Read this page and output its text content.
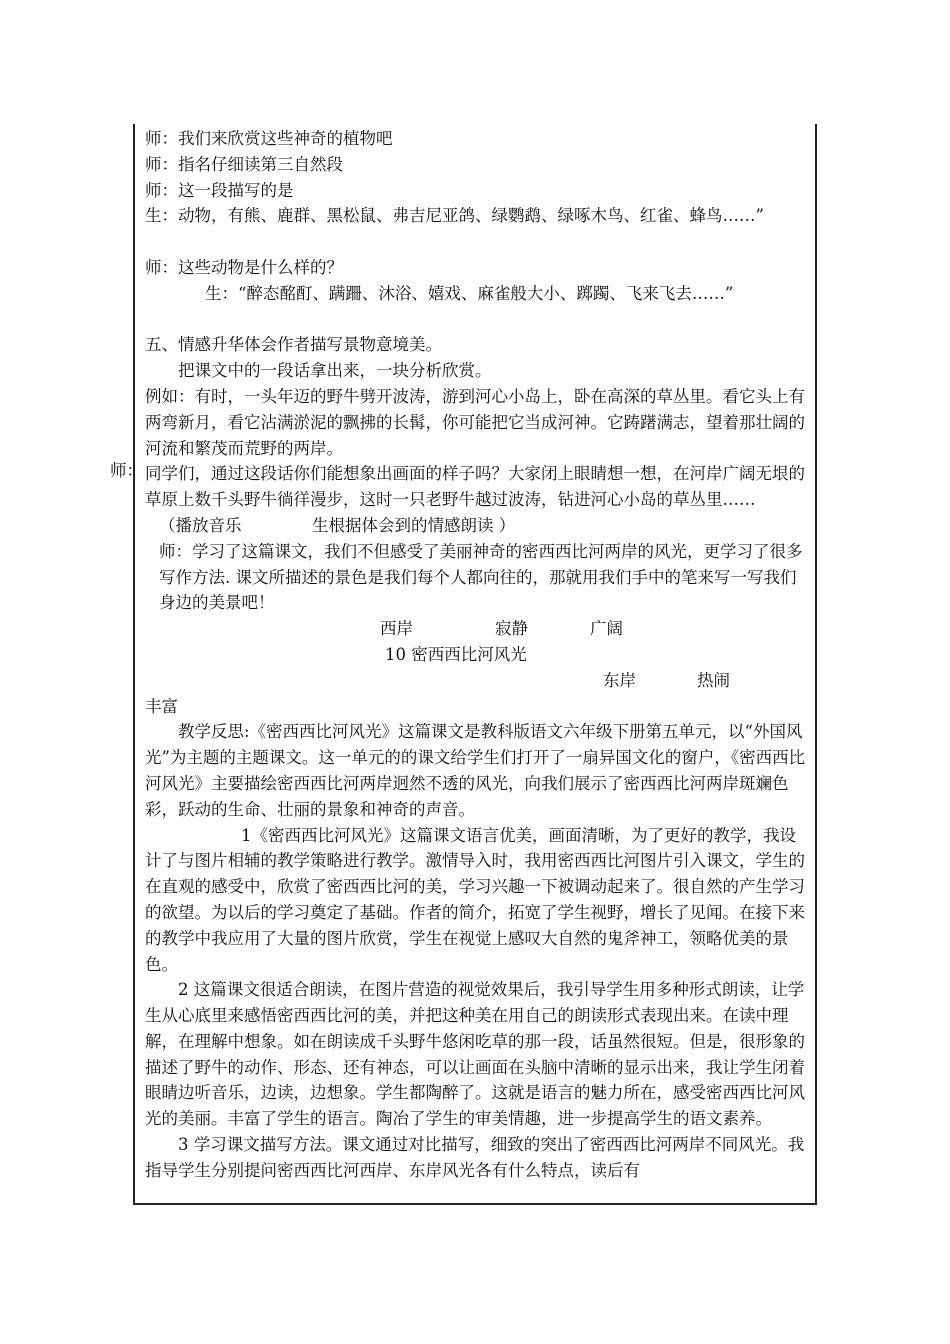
师：
师：我们来欣赏这些神奇的植物吧
师：指名仔细读第三自然段
师：这一段描写的是
生：动物，有熊、鹿群、黑松鼠、弗吉尼亚鸽、绿鹦鹉、绿啄木鸟、红雀、蜂鸟……”
师：这些动物是什么样的？
生：“醉态酩酊、蹒跚、沐浴、嬉戏、麻雀般大小、踯躅、飞来飞去……”
五、情感升华体会作者描写景物意境美。
把课文中的一段话拿出来，一块分析欣赏。

例如：有时，一头年迈的野牛劈开波涛，游到河心小岛上，卧在高深的草丛里。看它头上有两弯新月，看它沾满淤泥的飘拂的长髯，你可能把它当成河神。它踌躇满志，望着那壮阔的河流和繁茂而荒野的两岸。

同学们，通过这段话你们能想象出画面的样子吗？大家闭上眼睛想一想，在河岸广阔无垠的草原上数千头野牛徜徉漫步，这时一只老野牛越过波涛，钻进河心小岛的草丛里……

（播放音乐 　 　 　 生根据体会到的情感朗读 ）

师：学习了这篇课文，我们不但感受了美丽神奇的密西西比河两岸的风光，更学习了很多写作方法. 课文所描述的景色是我们每个人都向往的，那就用我们手中的笔来写一写我们身边的美景吧！

西岸	寂静	广阔
10 密西西比河风光
东岸	热闹
丰富

教学反思:《密西西比河风光》这篇课文是教科版语文六年级下册第五单元，以“外国风光”为主题的主题课文。这一单元的的课文给学生们打开了一扇异国文化的窗户，《密西西比河风光》主要描绘密西西比河两岸迥然不透的风光，向我们展示了密西西比河两岸斑斓色彩，跃动的生命、壮丽的景象和神奇的声音。

1《密西西比河风光》这篇课文语言优美，画面清晰，为了更好的教学，我设计了与图片相辅的教学策略进行教学。激情导入时，我用密西西比河图片引入课文，学生的在直观的感受中，欣赏了密西西比河的美，学习兴趣一下被调动起来了。很自然的产生学习的欲望。为以后的学习奠定了基础。作者的简介，拓宽了学生视野，增长了见闻。在接下来的教学中我应用了大量的图片欣赏，学生在视觉上感叹大自然的鬼斧神工，领略优美的景色。

2 这篇课文很适合朗读，在图片营造的视觉效果后，我引导学生用多种形式朗读，让学生从心底里来感悟密西西比河的美，并把这种美在用自己的朗读形式表现出来。在读中理解，在理解中想象。如在朗读成千头野牛悠闲吃草的那一段，话虽然很短。但是，很形象的描述了野牛的动作、形态、还有神态，可以让画面在头脑中清晰的显示出来，我让学生闭着眼睛边听音乐，边读，边想象。学生都陶醉了。这就是语言的魅力所在，感受密西西比河风光的美丽。丰富了学生的语言。陶冶了学生的审美情趣，进一步提高学生的语文素养。

3 学习课文描写方法。课文通过对比描写，细致的突出了密西西比河两岸不同风光。我指导学生分别提问密西西比河西岸、东岸风光各有什么特点，读后有
